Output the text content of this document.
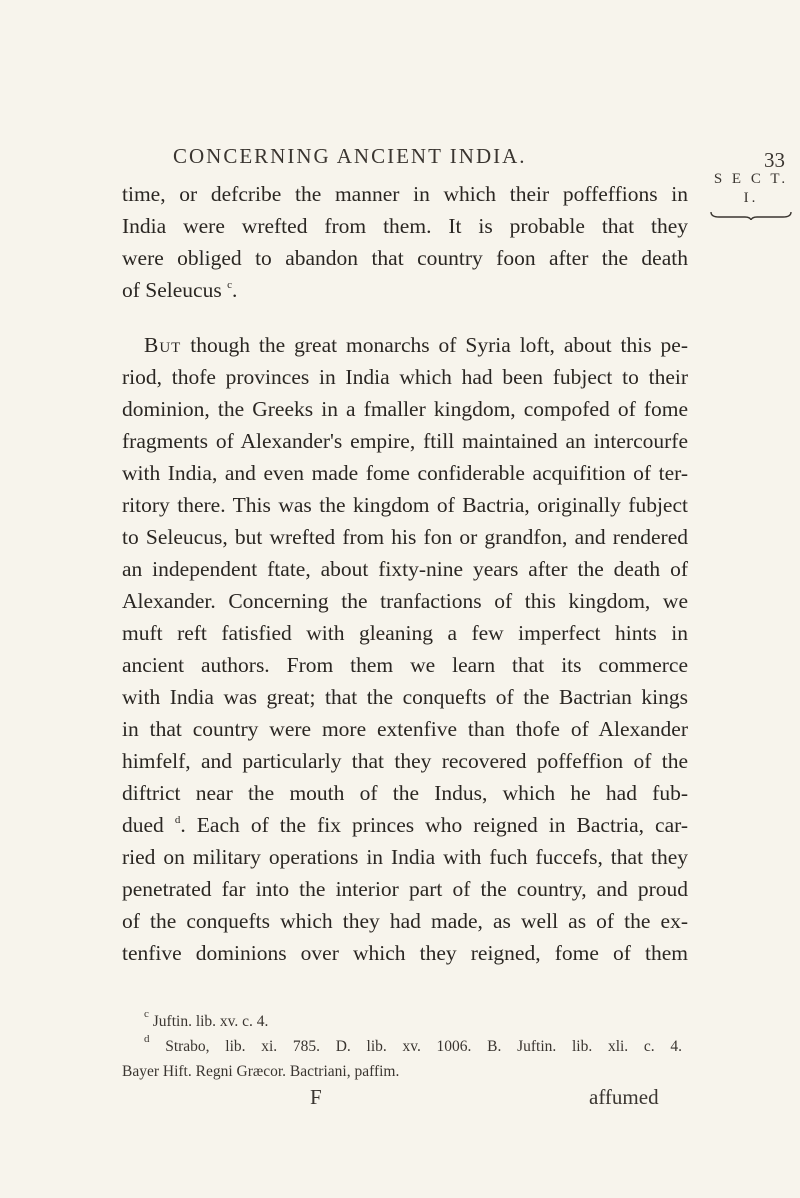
CONCERNING ANCIENT INDIA.	33
S E C T.
I.
time, or defcribe the manner in which their poffeffions in
India were wrefted from them. It is probable that they
were obliged to abandon that country foon after the death
of Seleucus $^c$.
But though the great monarchs of Syria loft, about this pe-
riod, thofe provinces in India which had been fubject to their
dominion, the Greeks in a fmaller kingdom, compofed of fome
fragments of Alexander's empire, ftill maintained an intercourfe
with India, and even made fome confiderable acquifition of ter-
ritory there. This was the kingdom of Bactria, originally fubject
to Seleucus, but wrefted from his fon or grandfon, and rendered
an independent ftate, about fixty-nine years after the death of
Alexander. Concerning the tranfactions of this kingdom, we
muft reft fatisfied with gleaning a few imperfect hints in
ancient authors. From them we learn that its commerce
with India was great; that the conquefts of the Bactrian kings
in that country were more extenfive than thofe of Alexander
himfelf, and particularly that they recovered poffeffion of the
diftrict near the mouth of the Indus, which he had fub-
dued $^d$. Each of the fix princes who reigned in Bactria, car-
ried on military operations in India with fuch fuccefs, that they
penetrated far into the interior part of the country, and proud
of the conquefts which they had made, as well as of the ex-
tenfive dominions over which they reigned, fome of them
$^c$ Juftin. lib. xv. c. 4.
$^d$ Strabo, lib. xi. 785. D. lib. xv. 1006. B. Juftin. lib. xli. c. 4.
Bayer Hift. Regni Græcor. Bactriani, paffim.
F	affumed
